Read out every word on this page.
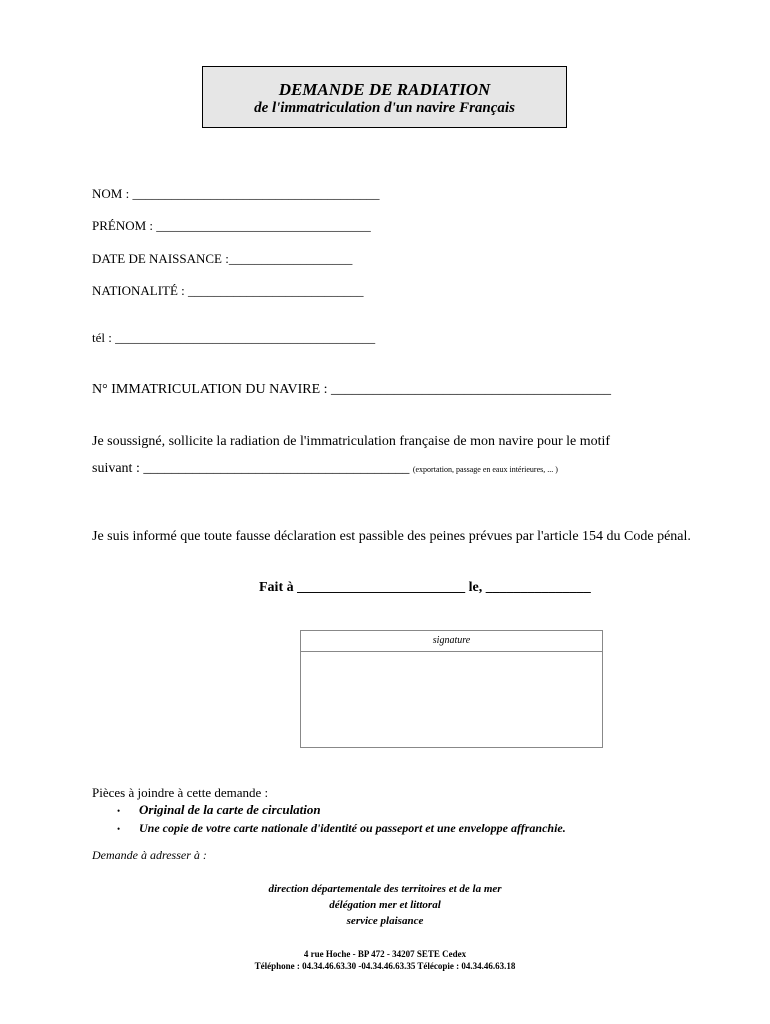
DEMANDE DE RADIATION
de l'immatriculation d'un navire Français
NOM : ______________________________________
PRÉNOM : _________________________________
DATE DE NAISSANCE :___________________
NATIONALITÉ : ___________________________
tél : ________________________________________
N° IMMATRICULATION DU NAVIRE : ________________________________________
Je soussigné, sollicite la radiation de l'immatriculation française de mon navire pour le motif
suivant : ______________________________________ (exportation, passage en eaux intérieures, ... )
Je suis informé que toute fausse déclaration est passible des peines prévues par l'article 154 du Code pénal.
Fait à ________________________ le, _______________
signature
Pièces à joindre à cette demande :
• Original de la carte de circulation
• Une copie de votre carte nationale d'identité ou passeport et une enveloppe affranchie.
Demande à adresser à :
direction départementale des territoires et de la mer
délégation mer et littoral
service plaisance
4 rue Hoche - BP 472 - 34207 SETE Cedex
Téléphone : 04.34.46.63.30 -04.34.46.63.35 Télécopie : 04.34.46.63.18
